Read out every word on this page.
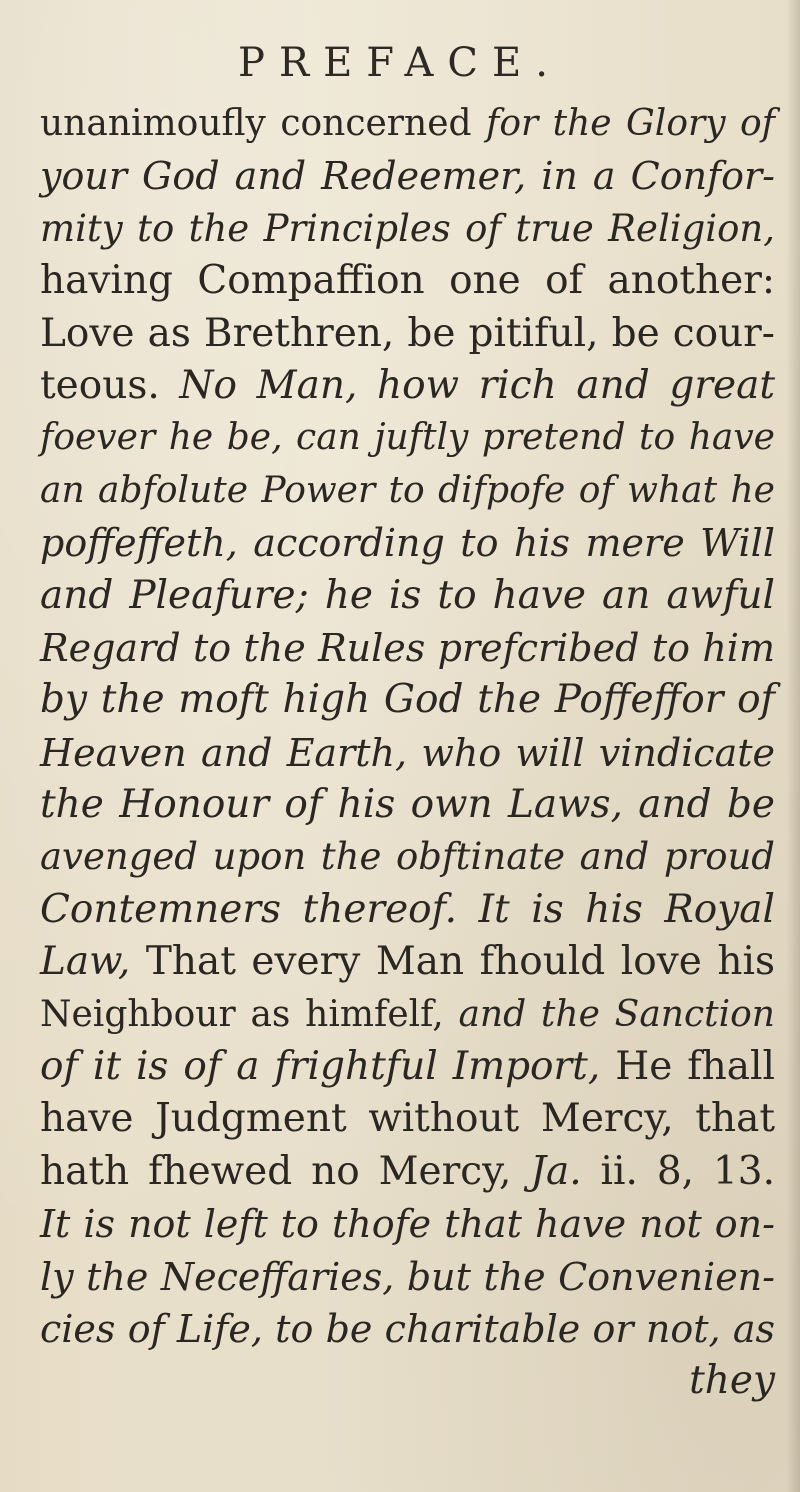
PREFACE.
unanimoufly concerned for the Glory of
your God and Redeemer, in a Confor-
mity to the Principles of true Religion,
having Compaffion one of another:
Love as Brethren, be pitiful, be cour-
teous. No Man, how rich and great
foever he be, can juftly pretend to have
an abfolute Power to difpofe of what he
poffeffeth, according to his mere Will
and Pleafure; he is to have an awful
Regard to the Rules prefcribed to him
by the moft high God the Poffeffor of
Heaven and Earth, who will vindicate
the Honour of his own Laws, and be
avenged upon the obftinate and proud
Contemners thereof. It is his Royal
Law, That every Man fhould love his
Neighbour as himfelf, and the Sanction
of it is of a frightful Import, He fhall
have Judgment without Mercy, that
hath fhewed no Mercy, Ja. ii. 8, 13.
It is not left to thofe that have not on-
ly the Neceffaries, but the Convenien-
cies of Life, to be charitable or not, as
they
